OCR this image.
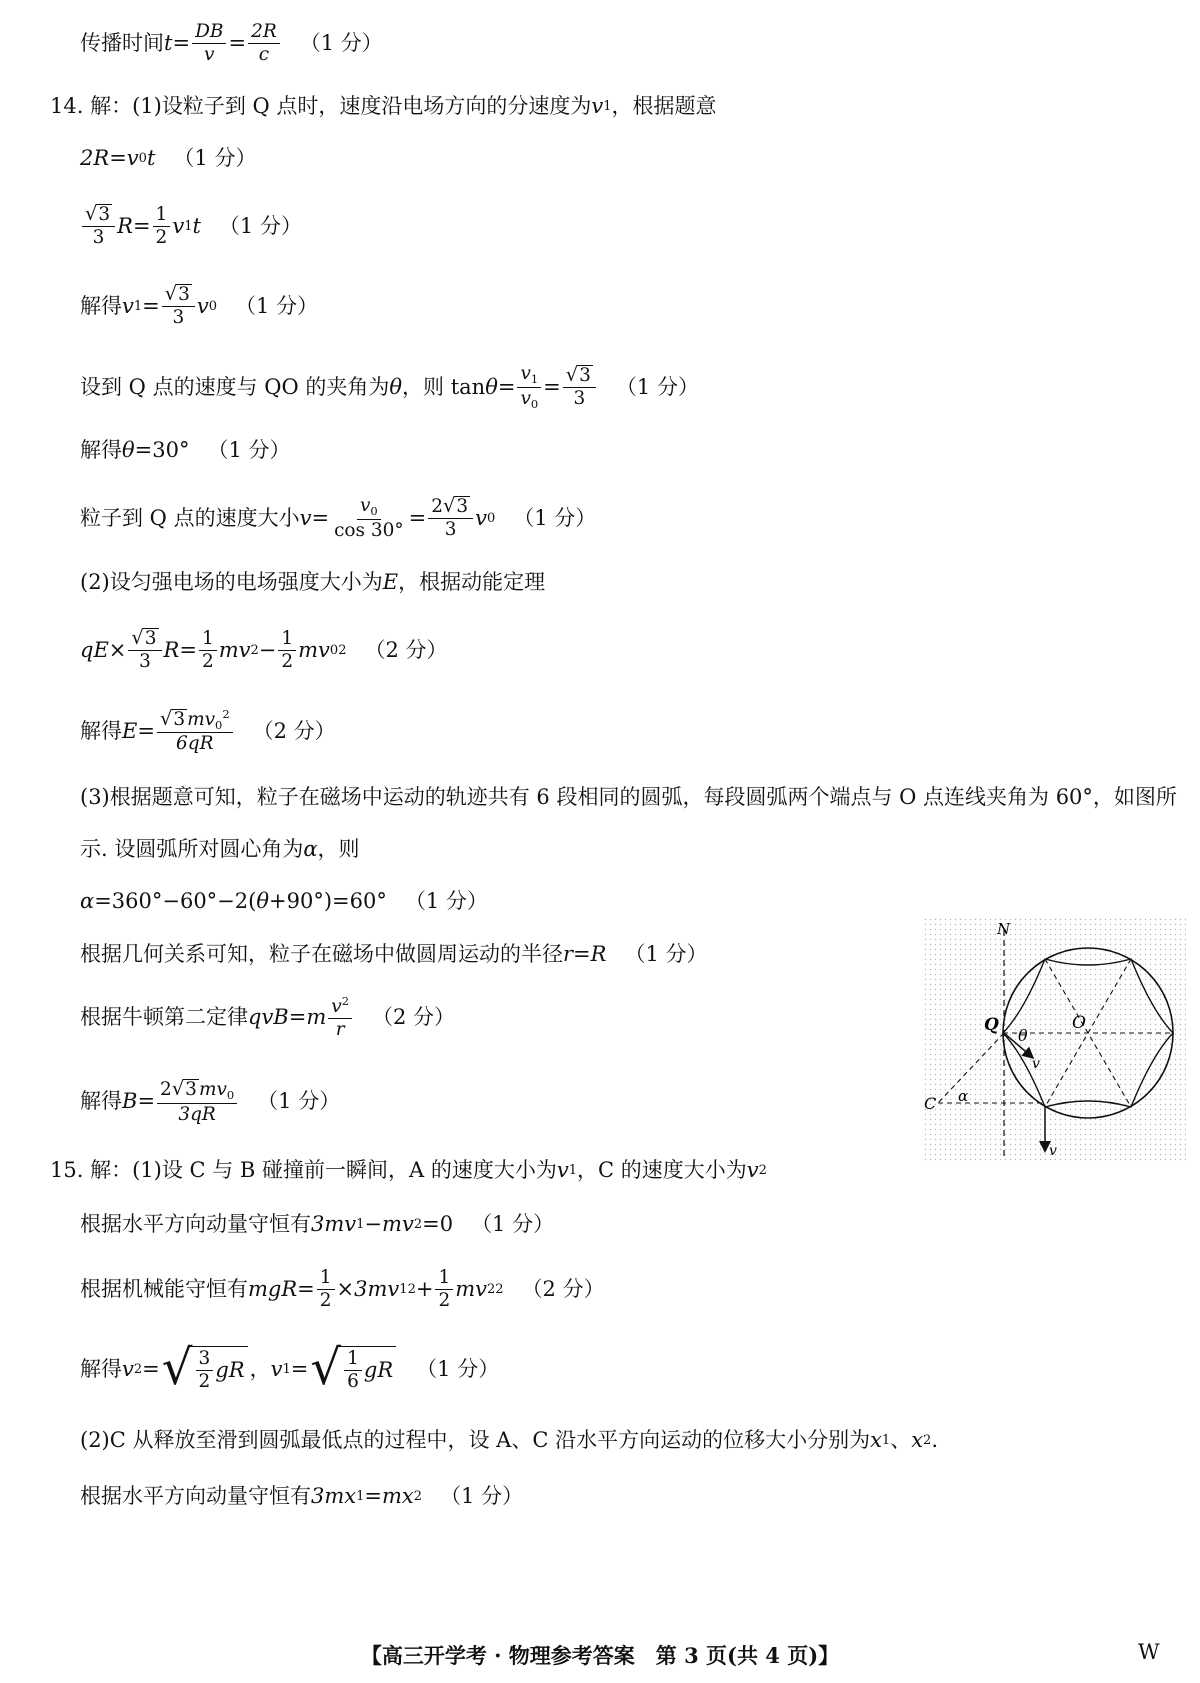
传播时间 $t = \frac{DB}{v} = \frac{2R}{c} (1$ 分）
14. 解：(1)设粒子到 Q 点时，速度沿电场方向的分速度为 v 1 ，根据题意
2R = v 0 t （1 分）
$\frac{√ 3}{3}$ $R = \frac{1}{2}$ v 1 t （1 分）
解得 v $1 = \frac{√ 3}{3}$ v 0 （1 分）
设到 Q 点的速度与 QO 的夹角为 θ ，则 $\tan \theta = \frac{v_1}{v_0} = \frac{√ 3}{3} (1$ 分）
解得 θ =30° （1 分）
粒子到 Q 点的速度大小 $v = \frac{v_0}{\cos 30^\circ} = \frac{2 √ 3}{3}$ v 0 （1 分）
(2)设匀强电场的电场强度大小为 E ，根据动能定理
qE × $\frac{√ 3}{3}$ $R = \frac{1}{2}$ mv $2 - \frac{1}{2}$ mv 0 2 （2 分）
解得 $E = \frac{√ 3 mv_0^2}{6qR} (2$ 分）
(3)根据题意可知，粒子在磁场中运动的轨迹共有 6 段相同的圆弧，每段圆弧两个端点与 O 点连线夹角为 60°，如图所
示. 设圆弧所对圆心角为 α ，则
α =360°−60°−2( θ +90°)=60° （1 分）
根据几何关系可知，粒子在磁场中做圆周运动的半径 r =R （1 分）
根据牛顿第二定律 qvB = m $\frac{v^2}{r} (2$ 分）
解得 $B = \frac{2 √ 3 mv_0}{3qR} (1$ 分）
15. 解：(1)设 C 与 B 碰撞前一瞬间，A 的速度大小为 v 1 ，C 的速度大小为 v 2
根据水平方向动量守恒有 3mv 1 − mv 2 =0 （1 分）
根据机械能守恒有 mgR = $\frac{1}{2} \times 3mv$ 1 $2 + \frac{1}{2}$ mv 2 2 （2 分）
解得 v 2 = √ $\frac{3}{2}$ gR ， v 1 = √ $\frac{1}{6}$ gR （1 分）
(2)C 从释放至滑到圆弧最低点的过程中，设 A、C 沿水平方向运动的位移大小分别为 x 1 、 x 2 .
根据水平方向动量守恒有 3mx 1 = mx 2 （1 分）
N
Q	O
θ
v
C α
v
【高三开学考 · 物理参考答案　第 3 页(共 4 页)】	W
